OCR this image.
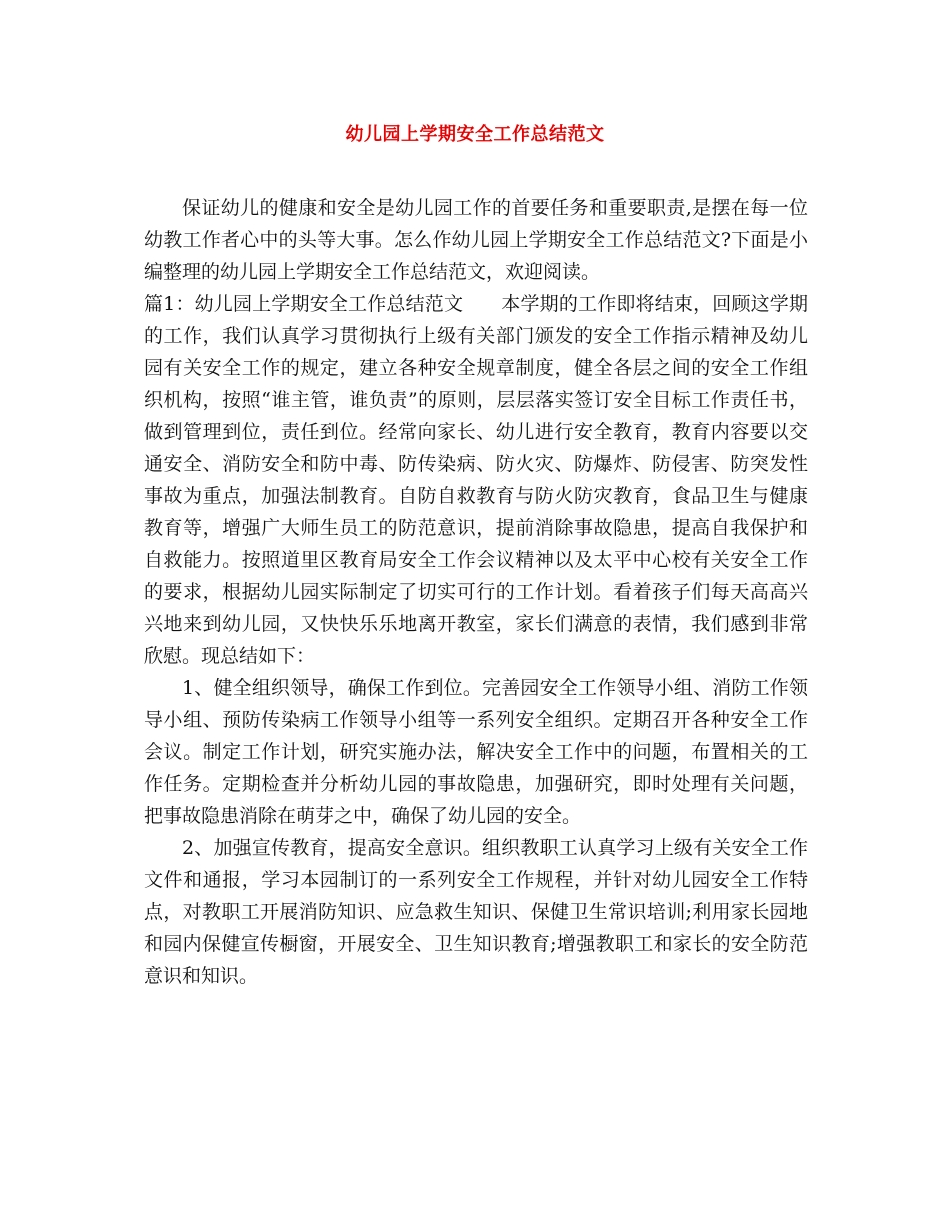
幼儿园上学期安全工作总结范文

保证幼儿的健康和安全是幼儿园工作的首要任务和重要职责,是摆在每一位幼教工作者心中的头等大事。怎么作幼儿园上学期安全工作总结范文?下面是小编整理的幼儿园上学期安全工作总结范文，欢迎阅读。

篇1：幼儿园上学期安全工作总结范文 本学期的工作即将结束，回顾这学期的工作，我们认真学习贯彻执行上级有关部门颁发的安全工作指示精神及幼儿园有关安全工作的规定，建立各种安全规章制度，健全各层之间的安全工作组织机构，按照“谁主管，谁负责”的原则，层层落实签订安全目标工作责任书，做到管理到位，责任到位。经常向家长、幼儿进行安全教育，教育内容要以交通安全、消防安全和防中毒、防传染病、防火灾、防爆炸、防侵害、防突发性事故为重点，加强法制教育。自防自救教育与防火防灾教育，食品卫生与健康教育等，增强广大师生员工的防范意识，提前消除事故隐患，提高自我保护和自救能力。按照道里区教育局安全工作会议精神以及太平中心校有关安全工作的要求，根据幼儿园实际制定了切实可行的工作计划。看着孩子们每天高高兴兴地来到幼儿园，又快快乐乐地离开教室，家长们满意的表情，我们感到非常欣慰。现总结如下：

1、健全组织领导，确保工作到位。完善园安全工作领导小组、消防工作领导小组、预防传染病工作领导小组等一系列安全组织。定期召开各种安全工作会议。制定工作计划，研究实施办法，解决安全工作中的问题，布置相关的工作任务。定期检查并分析幼儿园的事故隐患，加强研究，即时处理有关问题，把事故隐患消除在萌芽之中，确保了幼儿园的安全。

2、加强宣传教育，提高安全意识。组织教职工认真学习上级有关安全工作文件和通报，学习本园制订的一系列安全工作规程，并针对幼儿园安全工作特点，对教职工开展消防知识、应急救生知识、保健卫生常识培训;利用家长园地和园内保健宣传橱窗，开展安全、卫生知识教育;增强教职工和家长的安全防范意识和知识。
